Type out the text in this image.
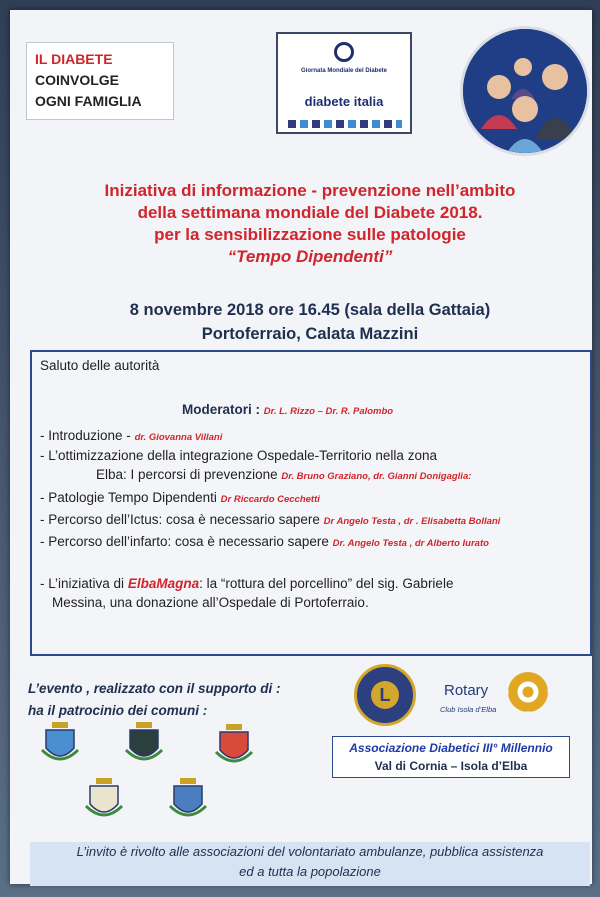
IL DIABETE
COINVOLGE
OGNI FAMIGLIA
Giornata Mondiale del Diabete
diabete italia
Iniziativa di informazione - prevenzione nell’ambito
della settimana mondiale del Diabete 2018.
per la sensibilizzazione sulle patologie
“Tempo Dipendenti”
8 novembre 2018 ore 16.45 (sala della Gattaia)
Portoferraio, Calata Mazzini
Saluto delle autorità
Moderatori : Dr. L. Rizzo – Dr. R. Palombo
- Introduzione - dr. Giovanna Villani
- L’ottimizzazione della integrazione Ospedale-Territorio nella zona
Elba: I percorsi di prevenzione Dr. Bruno Graziano, dr. Gianni Donigaglia:
- Patologie Tempo Dipendenti Dr Riccardo Cecchetti
- Percorso dell’Ictus: cosa è necessario sapere Dr Angelo Testa , dr . Elisabetta Bollani
- Percorso dell’infarto: cosa è necessario sapere Dr. Angelo Testa , dr Alberto Iurato
- L’iniziativa di ElbaMagna: la “rottura del porcellino” del sig. Gabriele
Messina, una donazione all’Ospedale di Portoferraio.
L’evento , realizzato con il supporto di :
ha il patrocinio dei comuni :
L	Rotary
Club Isola d’Elba
Associazione Diabetici III° Millennio
Val di Cornia – Isola d’Elba
L’invito è rivolto alle associazioni del volontariato ambulanze, pubblica assistenza
ed a tutta la popolazione
